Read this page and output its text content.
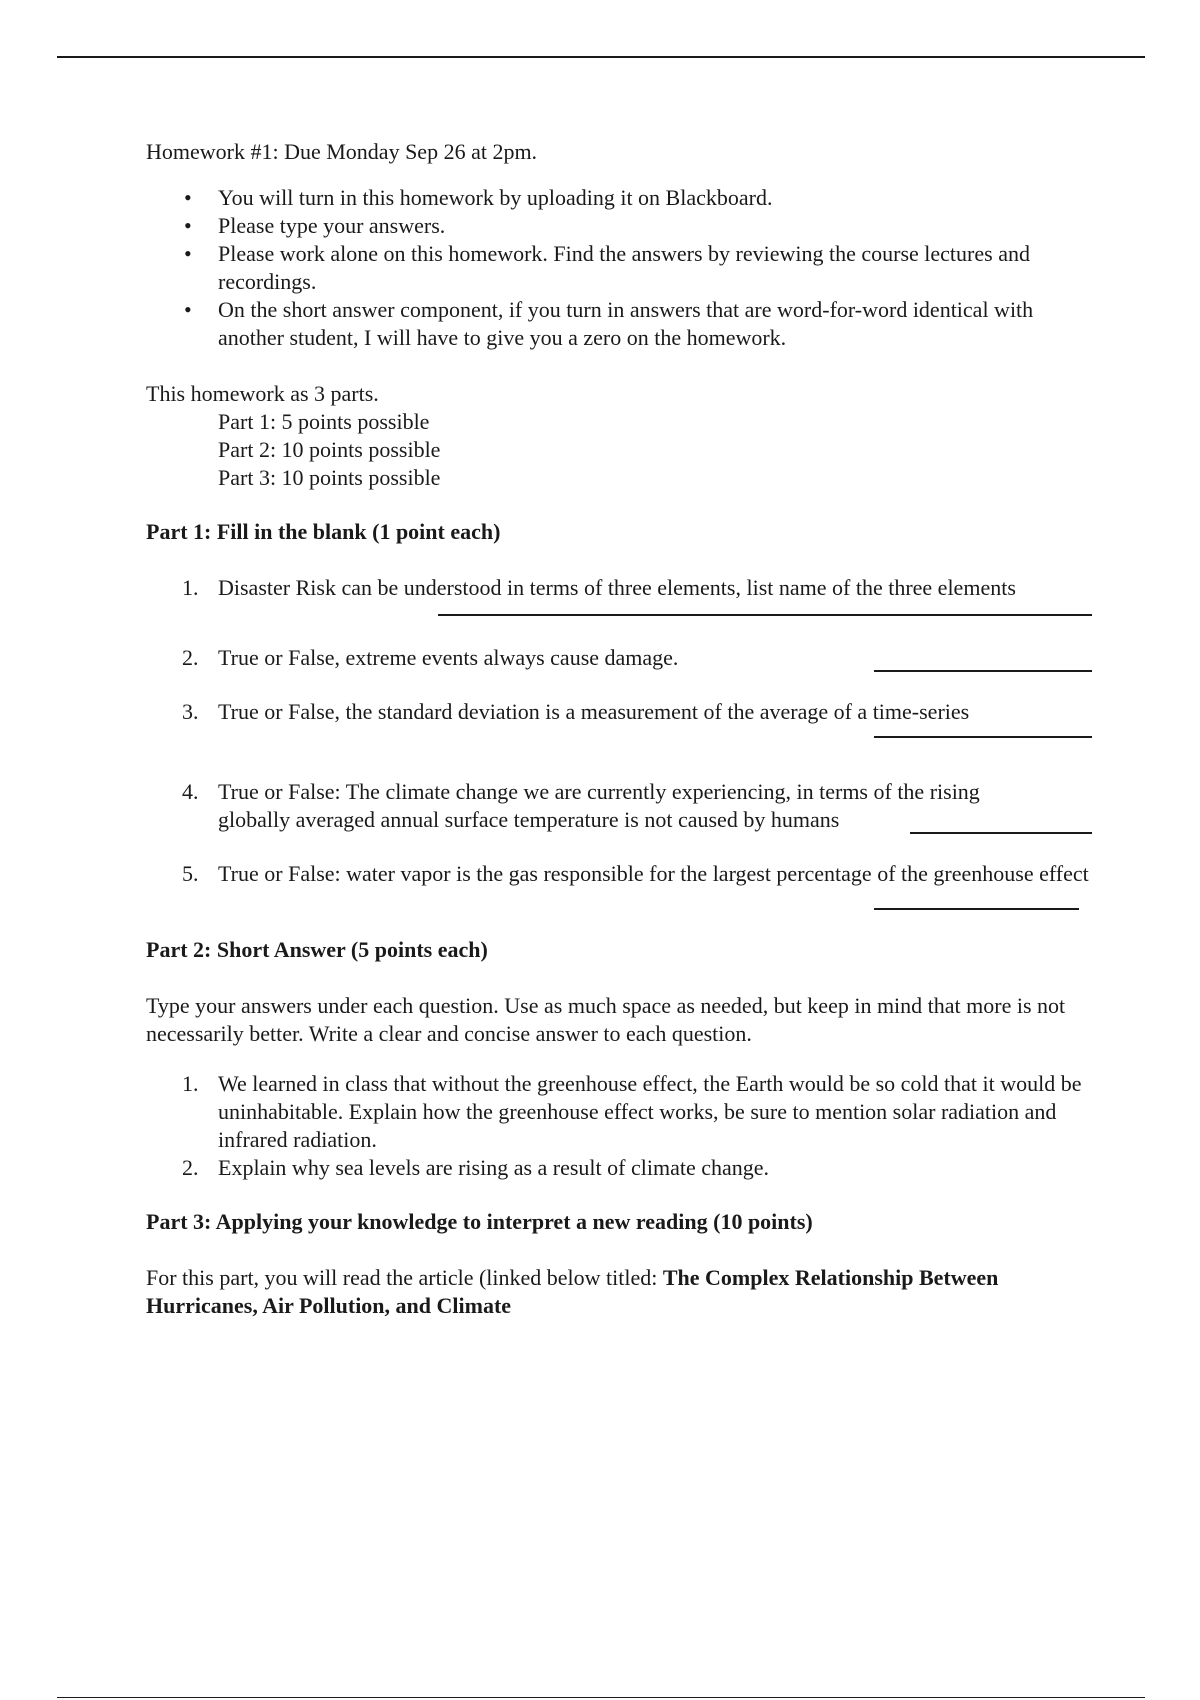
Homework #1: Due Monday Sep 26 at 2pm.

• You will turn in this homework by uploading it on Blackboard.
• Please type your answers.
• Please work alone on this homework. Find the answers by reviewing the course lectures and recordings.
• On the short answer component, if you turn in answers that are word-for-word identical with another student, I will have to give you a zero on the homework.

This homework as 3 parts.

Part 1: 5 points possible

Part 2: 10 points possible

Part 3: 10 points possible

Part 1: Fill in the blank (1 point each)

1. Disaster Risk can be understood in terms of three elements, list name of the three elements
2. True or False, extreme events always cause damage.
3. True or False, the standard deviation is a measurement of the average of a time-series
4. True or False: The climate change we are currently experiencing, in terms of the rising
globally averaged annual surface temperature is not caused by humans
5. True or False: water vapor is the gas responsible for the largest percentage of the greenhouse effect

Part 2: Short Answer (5 points each)

Type your answers under each question. Use as much space as needed, but keep in mind that more is not necessarily better. Write a clear and concise answer to each question.

1. We learned in class that without the greenhouse effect, the Earth would be so cold that it would be uninhabitable. Explain how the greenhouse effect works, be sure to mention solar radiation and infrared radiation.
2. Explain why sea levels are rising as a result of climate change.

Part 3: Applying your knowledge to interpret a new reading (10 points)

For this part, you will read the article (linked below titled: The Complex Relationship Between Hurricanes, Air Pollution, and Climate
